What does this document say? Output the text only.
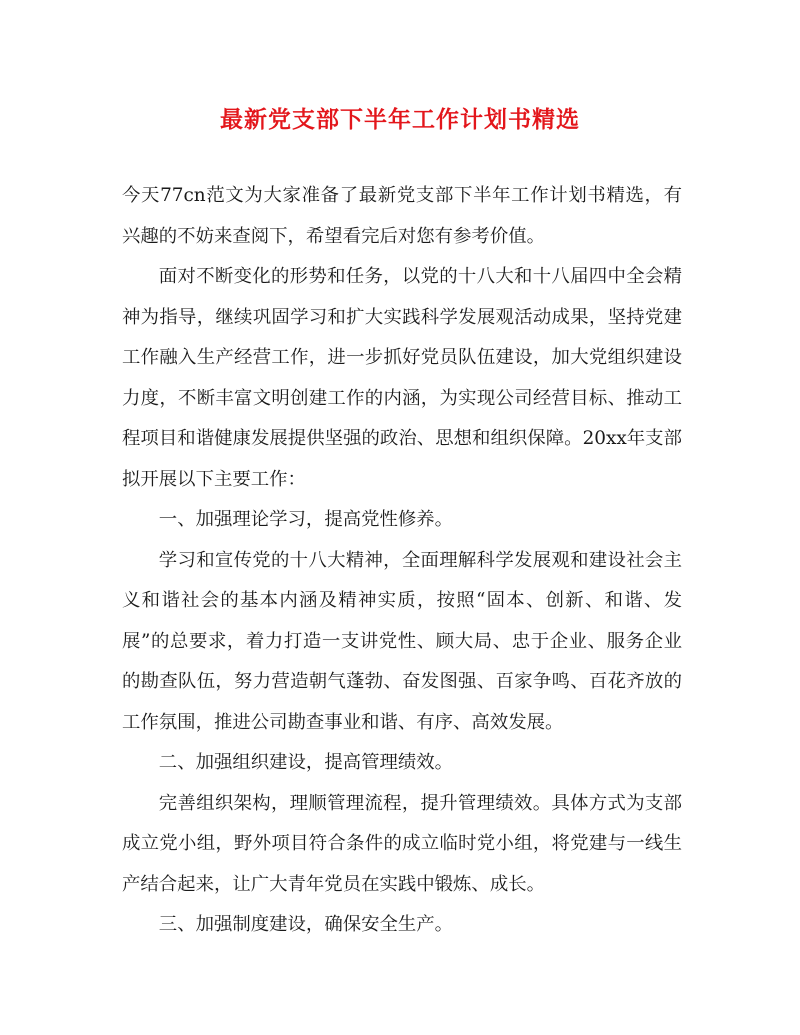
最新党支部下半年工作计划书精选

今天77cn范文为大家准备了最新党支部下半年工作计划书精选，有兴趣的不妨来查阅下，希望看完后对您有参考价值。

面对不断变化的形势和任务，以党的十八大和十八届四中全会精神为指导，继续巩固学习和扩大实践科学发展观活动成果，坚持党建工作融入生产经营工作，进一步抓好党员队伍建设，加大党组织建设力度，不断丰富文明创建工作的内涵，为实现公司经营目标、推动工程项目和谐健康发展提供坚强的政治、思想和组织保障。20xx年支部拟开展以下主要工作：

一、加强理论学习，提高党性修养。

学习和宣传党的十八大精神，全面理解科学发展观和建设社会主义和谐社会的基本内涵及精神实质，按照“固本、创新、和谐、发展”的总要求，着力打造一支讲党性、顾大局、忠于企业、服务企业的勘查队伍，努力营造朝气蓬勃、奋发图强、百家争鸣、百花齐放的工作氛围，推进公司勘查事业和谐、有序、高效发展。

二、加强组织建设，提高管理绩效。

完善组织架构，理顺管理流程，提升管理绩效。具体方式为支部成立党小组，野外项目符合条件的成立临时党小组，将党建与一线生产结合起来，让广大青年党员在实践中锻炼、成长。

三、加强制度建设，确保安全生产。
